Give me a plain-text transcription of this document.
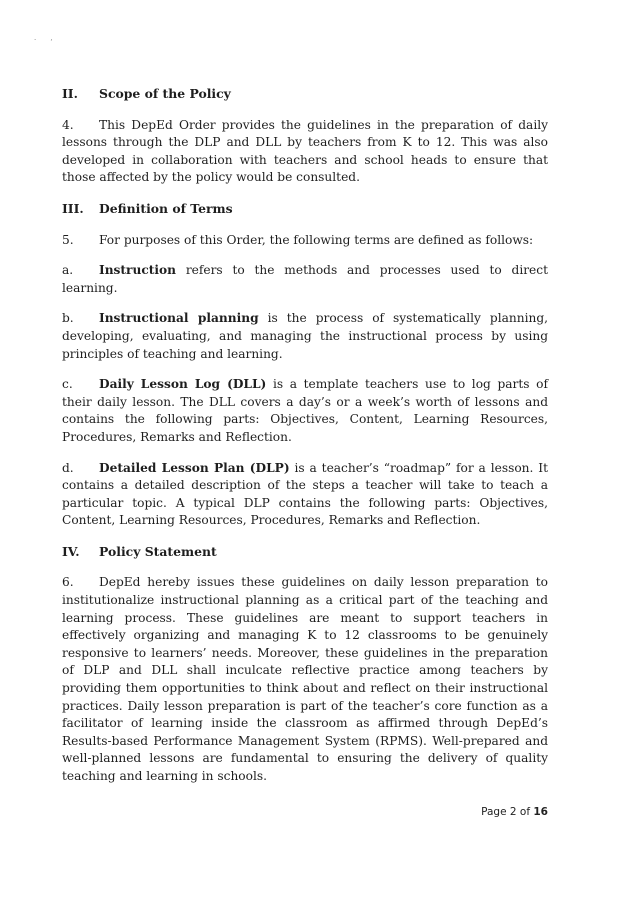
. ,
II. Scope of the Policy

4. This DepEd Order provides the guidelines in the preparation of daily lessons through the DLP and DLL by teachers from K to 12. This was also developed in collaboration with teachers and school heads to ensure that those affected by the policy would be consulted.

III. Definition of Terms

5. For purposes of this Order, the following terms are defined as follows:

a. Instruction refers to the methods and processes used to direct learning.

b. Instructional planning is the process of systematically planning, developing, evaluating, and managing the instructional process by using principles of teaching and learning.

c. Daily Lesson Log (DLL) is a template teachers use to log parts of their daily lesson. The DLL covers a day’s or a week’s worth of lessons and contains the following parts: Objectives, Content, Learning Resources, Procedures, Remarks and Reflection.

d. Detailed Lesson Plan (DLP) is a teacher’s “roadmap” for a lesson. It contains a detailed description of the steps a teacher will take to teach a particular topic. A typical DLP contains the following parts: Objectives, Content, Learning Resources, Procedures, Remarks and Reflection.

IV. Policy Statement

6. DepEd hereby issues these guidelines on daily lesson preparation to institutionalize instructional planning as a critical part of the teaching and learning process. These guidelines are meant to support teachers in effectively organizing and managing K to 12 classrooms to be genuinely responsive to learners’ needs. Moreover, these guidelines in the preparation of DLP and DLL shall inculcate reflective practice among teachers by providing them opportunities to think about and reflect on their instructional practices. Daily lesson preparation is part of the teacher’s core function as a facilitator of learning inside the classroom as affirmed through DepEd’s Results-based Performance Management System (RPMS). Well-prepared and well-planned lessons are fundamental to ensuring the delivery of quality teaching and learning in schools.

Page 2 of 16
